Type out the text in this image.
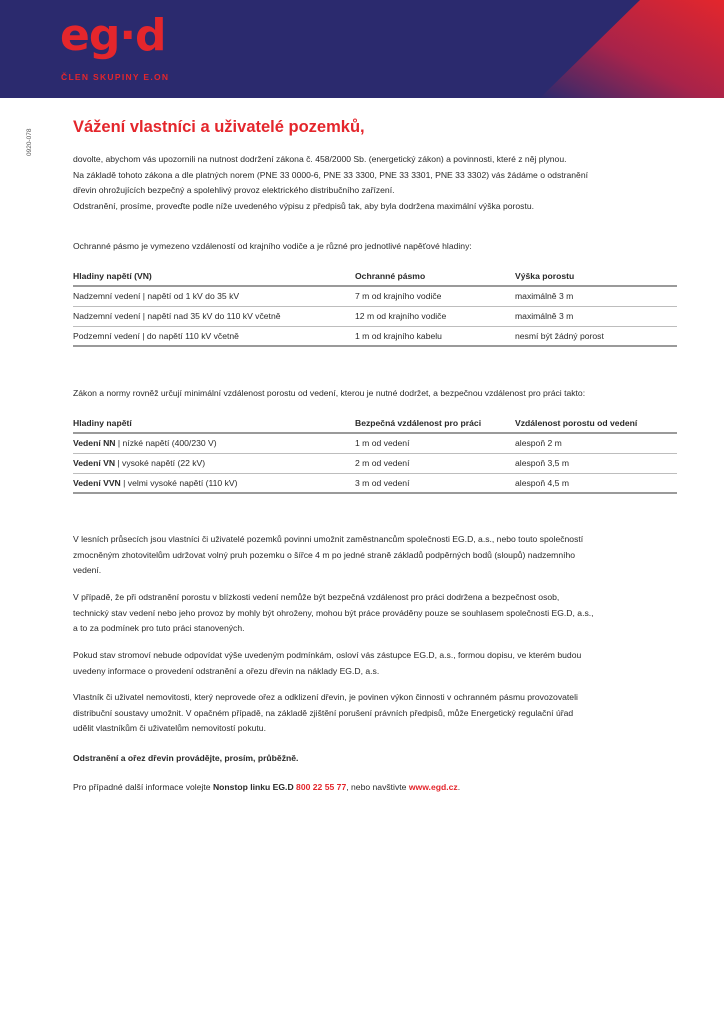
eg·d
ČLEN SKUPINY E.ON
0920-078
Vážení vlastníci a uživatelé pozemků,
dovolte, abychom vás upozornili na nutnost dodržení zákona č. 458/2000 Sb. (energetický zákon) a povinnosti, které z něj plynou.
Na základě tohoto zákona a dle platných norem (PNE 33 0000-6, PNE 33 3300, PNE 33 3301, PNE 33 3302) vás žádáme o odstranění
dřevin ohrožujících bezpečný a spolehlivý provoz elektrického distribučního zařízení.
Odstranění, prosíme, proveďte podle níže uvedeného výpisu z předpisů tak, aby byla dodržena maximální výška porostu.
Ochranné pásmo je vymezeno vzdáleností od krajního vodiče a je různé pro jednotlivé napěťové hladiny:
Hladiny napětí (VN)	Ochranné pásmo	Výška porostu
Nadzemní vedení | napětí od 1 kV do 35 kV	7 m od krajního vodiče	maximálně 3 m
Nadzemní vedení | napětí nad 35 kV do 110 kV včetně	12 m od krajního vodiče	maximálně 3 m
Podzemní vedení | do napětí 110 kV včetně	1 m od krajního kabelu	nesmí být žádný porost
Zákon a normy rovněž určují minimální vzdálenost porostu od vedení, kterou je nutné dodržet, a bezpečnou vzdálenost pro práci takto:
Hladiny napětí	Bezpečná vzdálenost pro práci	Vzdálenost porostu od vedení
Vedení NN | nízké napětí (400/230 V)	1 m od vedení	alespoň 2 m
Vedení VN | vysoké napětí (22 kV)	2 m od vedení	alespoň 3,5 m
Vedení VVN | velmi vysoké napětí (110 kV)	3 m od vedení	alespoň 4,5 m
V lesních průsecích jsou vlastníci či uživatelé pozemků povinni umožnit zaměstnancům společnosti EG.D, a.s., nebo touto společností
zmocněným zhotovitelům udržovat volný pruh pozemku o šířce 4 m po jedné straně základů podpěrných bodů (sloupů) nadzemního
vedení.
V případě, že při odstranění porostu v blízkosti vedení nemůže být bezpečná vzdálenost pro práci dodržena a bezpečnost osob,
technický stav vedení nebo jeho provoz by mohly být ohroženy, mohou být práce prováděny pouze se souhlasem společnosti EG.D, a.s.,
a to za podmínek pro tuto práci stanovených.
Pokud stav stromoví nebude odpovídat výše uvedeným podmínkám, osloví vás zástupce EG.D, a.s., formou dopisu, ve kterém budou
uvedeny informace o provedení odstranění a ořezu dřevin na náklady EG.D, a.s.
Vlastník či uživatel nemovitosti, který neprovede ořez a odklizení dřevin, je povinen výkon činnosti v ochranném pásmu provozovateli
distribuční soustavy umožnit. V opačném případě, na základě zjištění porušení právních předpisů, může Energetický regulační úřad
udělit vlastníkům či uživatelům nemovitostí pokutu.
Odstranění a ořez dřevin provádějte, prosím, průběžně.
Pro případné další informace volejte Nonstop linku EG.D 800 22 55 77, nebo navštivte www.egd.cz.
